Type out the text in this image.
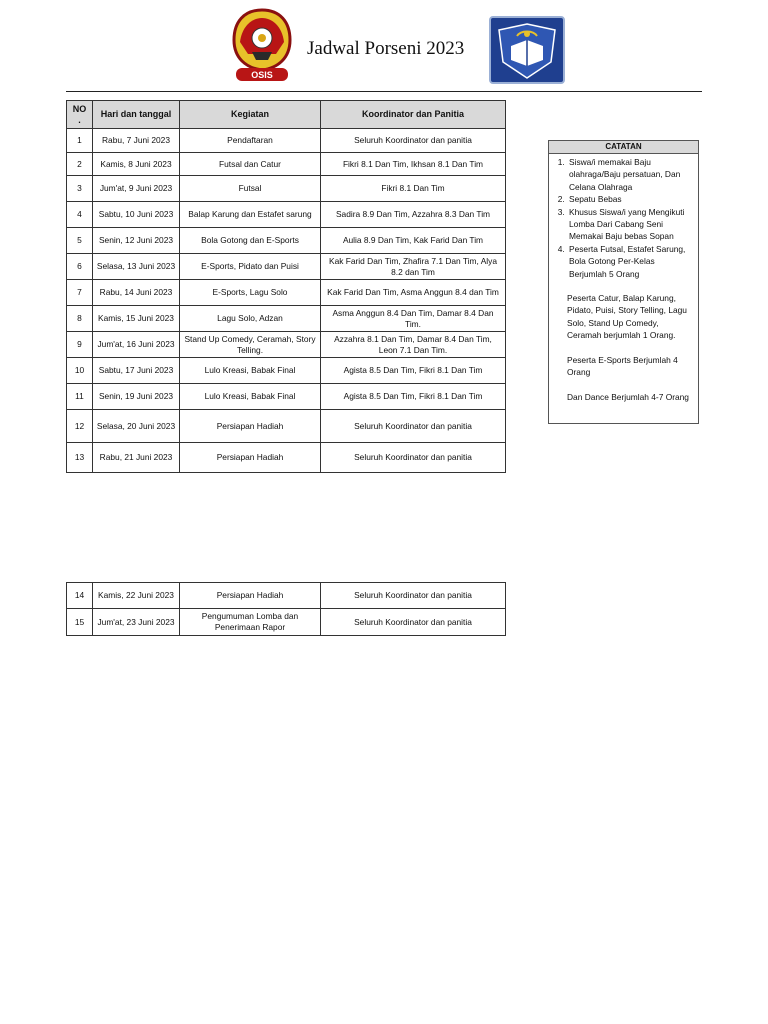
OSIS
Jadwal Porseni 2023
NO .	Hari dan tanggal	Kegiatan	Koordinator dan Panitia
1	Rabu, 7 Juni 2023	Pendaftaran	Seluruh Koordinator dan panitia
2	Kamis, 8 Juni 2023	Futsal dan Catur	Fikri 8.1 Dan Tim, Ikhsan 8.1 Dan Tim
3	Jum'at, 9 Juni 2023	Futsal	Fikri 8.1 Dan Tim
4	Sabtu, 10 Juni 2023	Balap Karung dan Estafet sarung	Sadira 8.9 Dan Tim, Azzahra 8.3 Dan Tim
5	Senin, 12 Juni 2023	Bola Gotong dan E-Sports	Aulia 8.9 Dan Tim, Kak Farid Dan Tim
6	Selasa, 13 Juni 2023	E-Sports, Pidato dan Puisi	Kak Farid Dan Tim, Zhafira 7.1 Dan Tim, Alya 8.2 dan Tim
7	Rabu, 14 Juni 2023	E-Sports, Lagu Solo	Kak Farid Dan Tim, Asma Anggun 8.4 dan Tim
8	Kamis, 15 Juni 2023	Lagu Solo, Adzan	Asma Anggun 8.4 Dan Tim, Damar 8.4 Dan Tim.
9	Jum'at, 16 Juni 2023	Stand Up Comedy, Ceramah, Story Telling.	Azzahra 8.1 Dan Tim, Damar 8.4 Dan Tim, Leon 7.1 Dan Tim.
10	Sabtu, 17 Juni 2023	Lulo Kreasi, Babak Final	Agista 8.5 Dan Tim, Fikri 8.1 Dan Tim
11	Senin, 19 Juni 2023	Lulo Kreasi, Babak Final	Agista 8.5 Dan Tim, Fikri 8.1 Dan Tim
12	Selasa, 20 Juni 2023	Persiapan Hadiah	Seluruh Koordinator dan panitia
13	Rabu, 21 Juni 2023	Persiapan Hadiah	Seluruh Koordinator dan panitia
14	Kamis, 22 Juni 2023	Persiapan Hadiah	Seluruh Koordinator dan panitia
15	Jum'at, 23 Juni 2023	Pengumuman Lomba dan Penerimaan Rapor	Seluruh Koordinator dan panitia
CATATAN
1. Siswa/i memakai Baju olahraga/Baju persatuan, Dan Celana Olahraga
2. Sepatu Bebas
3. Khusus Siswa/i yang Mengikuti Lomba Dari Cabang Seni Memakai Baju bebas Sopan
4. Peserta Futsal, Estafet Sarung, Bola Gotong Per-Kelas Berjumlah 5 Orang

Peserta Catur, Balap Karung, Pidato, Puisi, Story Telling, Lagu Solo, Stand Up Comedy, Ceramah berjumlah 1 Orang.

Peserta E-Sports Berjumlah 4 Orang

Dan Dance Berjumlah 4-7 Orang
